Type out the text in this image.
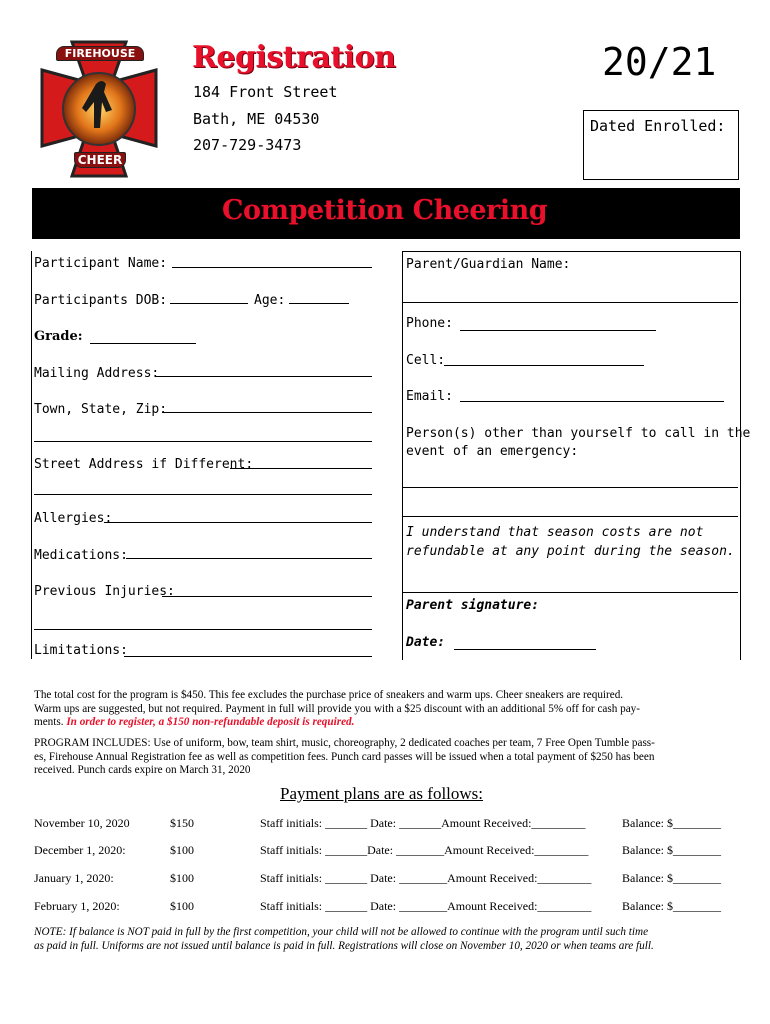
FIREHOUSE
CHEER
Registration
184 Front Street
Bath, ME 04530
207-729-3473
20/21
Dated Enrolled:
Competition Cheering
Participant Name:
Participants DOB:	Age:
Grade:
Mailing Address:
Town, State, Zip:
Street Address if Different:
Allergies:
Medications:
Previous Injuries:
Limitations:
Parent/Guardian Name:
Phone:
Cell:
Email:
Person(s) other than yourself to call in the
event of an emergency:
I understand that season costs are not
refundable at any point during the season.
Parent signature:
Date:
The total cost for the program is $450. This fee excludes the purchase price of sneakers and warm ups. Cheer sneakers are required.
Warm ups are suggested, but not required. Payment in full will provide you with a $25 discount with an additional 5% off for cash pay-
ments. In order to register, a $150 non-refundable deposit is required.
PROGRAM INCLUDES: Use of uniform, bow, team shirt, music, choreography, 2 dedicated coaches per team, 7 Free Open Tumble pass-
es, Firehouse Annual Registration fee as well as competition fees. Punch card passes will be issued when a total payment of $250 has been
received. Punch cards expire on March 31, 2020
Payment plans are as follows:
November 10, 2020	$150	Staff initials: _______ Date: _______Amount Received:_________	Balance: $________
December 1, 2020:	$100	Staff initials: _______Date: ________Amount Received:_________	Balance: $________
January 1, 2020:	$100	Staff initials: _______ Date: ________Amount Received:_________	Balance: $________
February 1, 2020:	$100	Staff initials: _______ Date: ________Amount Received:_________	Balance: $________
NOTE: If balance is NOT paid in full by the first competition, your child will not be allowed to continue with the program until such time
as paid in full. Uniforms are not issued until balance is paid in full. Registrations will close on November 10, 2020 or when teams are full.
